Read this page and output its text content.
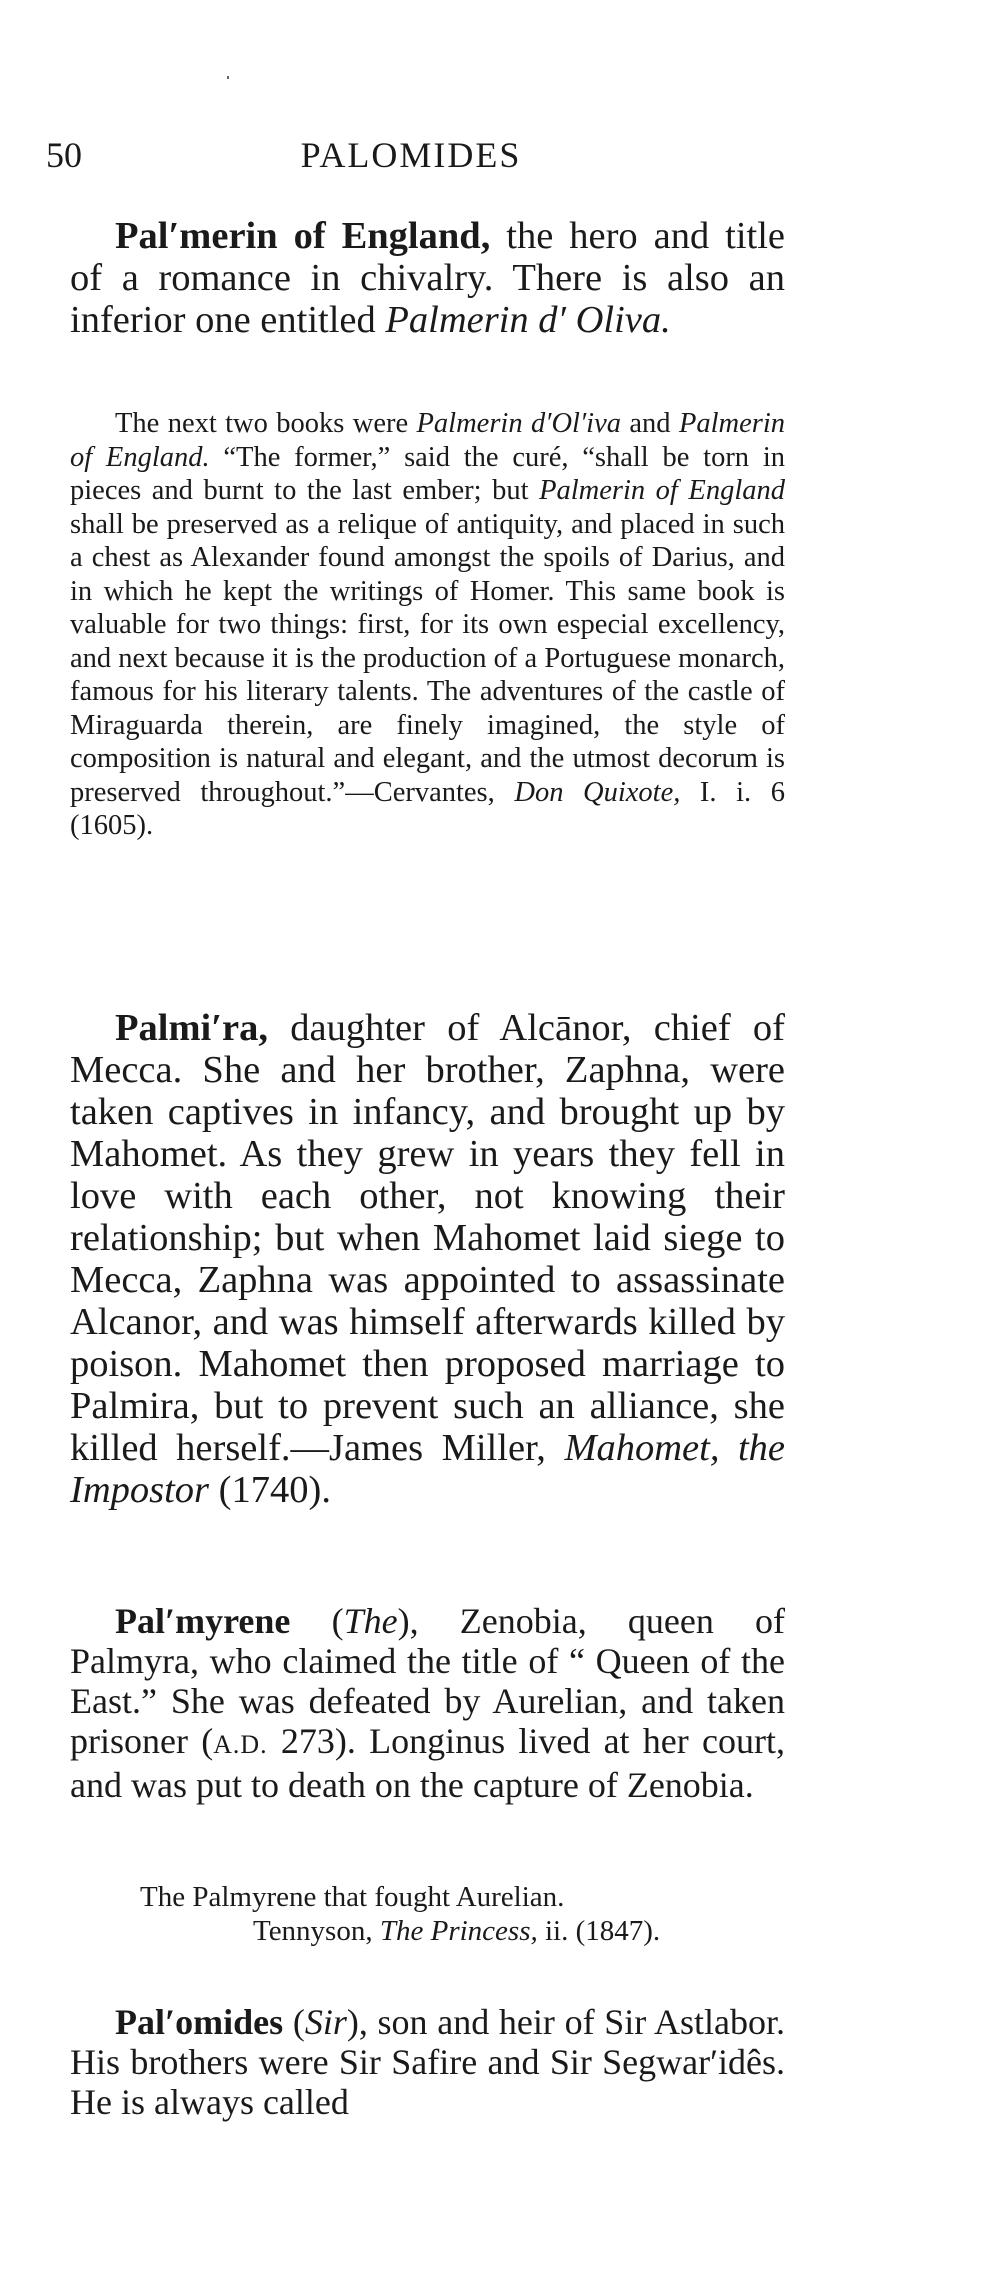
50	PALOMIDES

Pal′merin of England, the hero and title of a romance in chivalry. There is also an inferior one entitled Palmerin d′ Oliva.

The next two books were Palmerin d′Ol′iva and Palmerin of England. “The former,” said the curé, “shall be torn in pieces and burnt to the last ember; but Palmerin of England shall be preserved as a relique of antiquity, and placed in such a chest as Alexander found amongst the spoils of Darius, and in which he kept the writings of Homer. This same book is valuable for two things: first, for its own especial excellency, and next because it is the production of a Portuguese monarch, famous for his literary talents. The adventures of the castle of Miraguarda therein, are finely imagined, the style of composition is natural and elegant, and the utmost decorum is preserved throughout.”—Cervantes, Don Quixote, I. i. 6 (1605).

Palmi′ra, daughter of Alcānor, chief of Mecca. She and her brother, Zaphna, were taken captives in infancy, and brought up by Mahomet. As they grew in years they fell in love with each other, not knowing their relationship; but when Mahomet laid siege to Mecca, Zaphna was appointed to assassinate Alcanor, and was himself afterwards killed by poison. Mahomet then proposed marriage to Palmira, but to prevent such an alliance, she killed herself.—James Miller, Mahomet, the Impostor (1740).

Pal′myrene (The), Zenobia, queen of Palmyra, who claimed the title of “ Queen of the East.” She was defeated by Aurelian, and taken prisoner (A.D. 273). Longinus lived at her court, and was put to death on the capture of Zenobia.

The Palmyrene that fought Aurelian.
Tennyson, The Princess, ii. (1847).

Pal′omides (Sir), son and heir of Sir Astlabor. His brothers were Sir Safire and Sir Segwar′idês. He is always called
